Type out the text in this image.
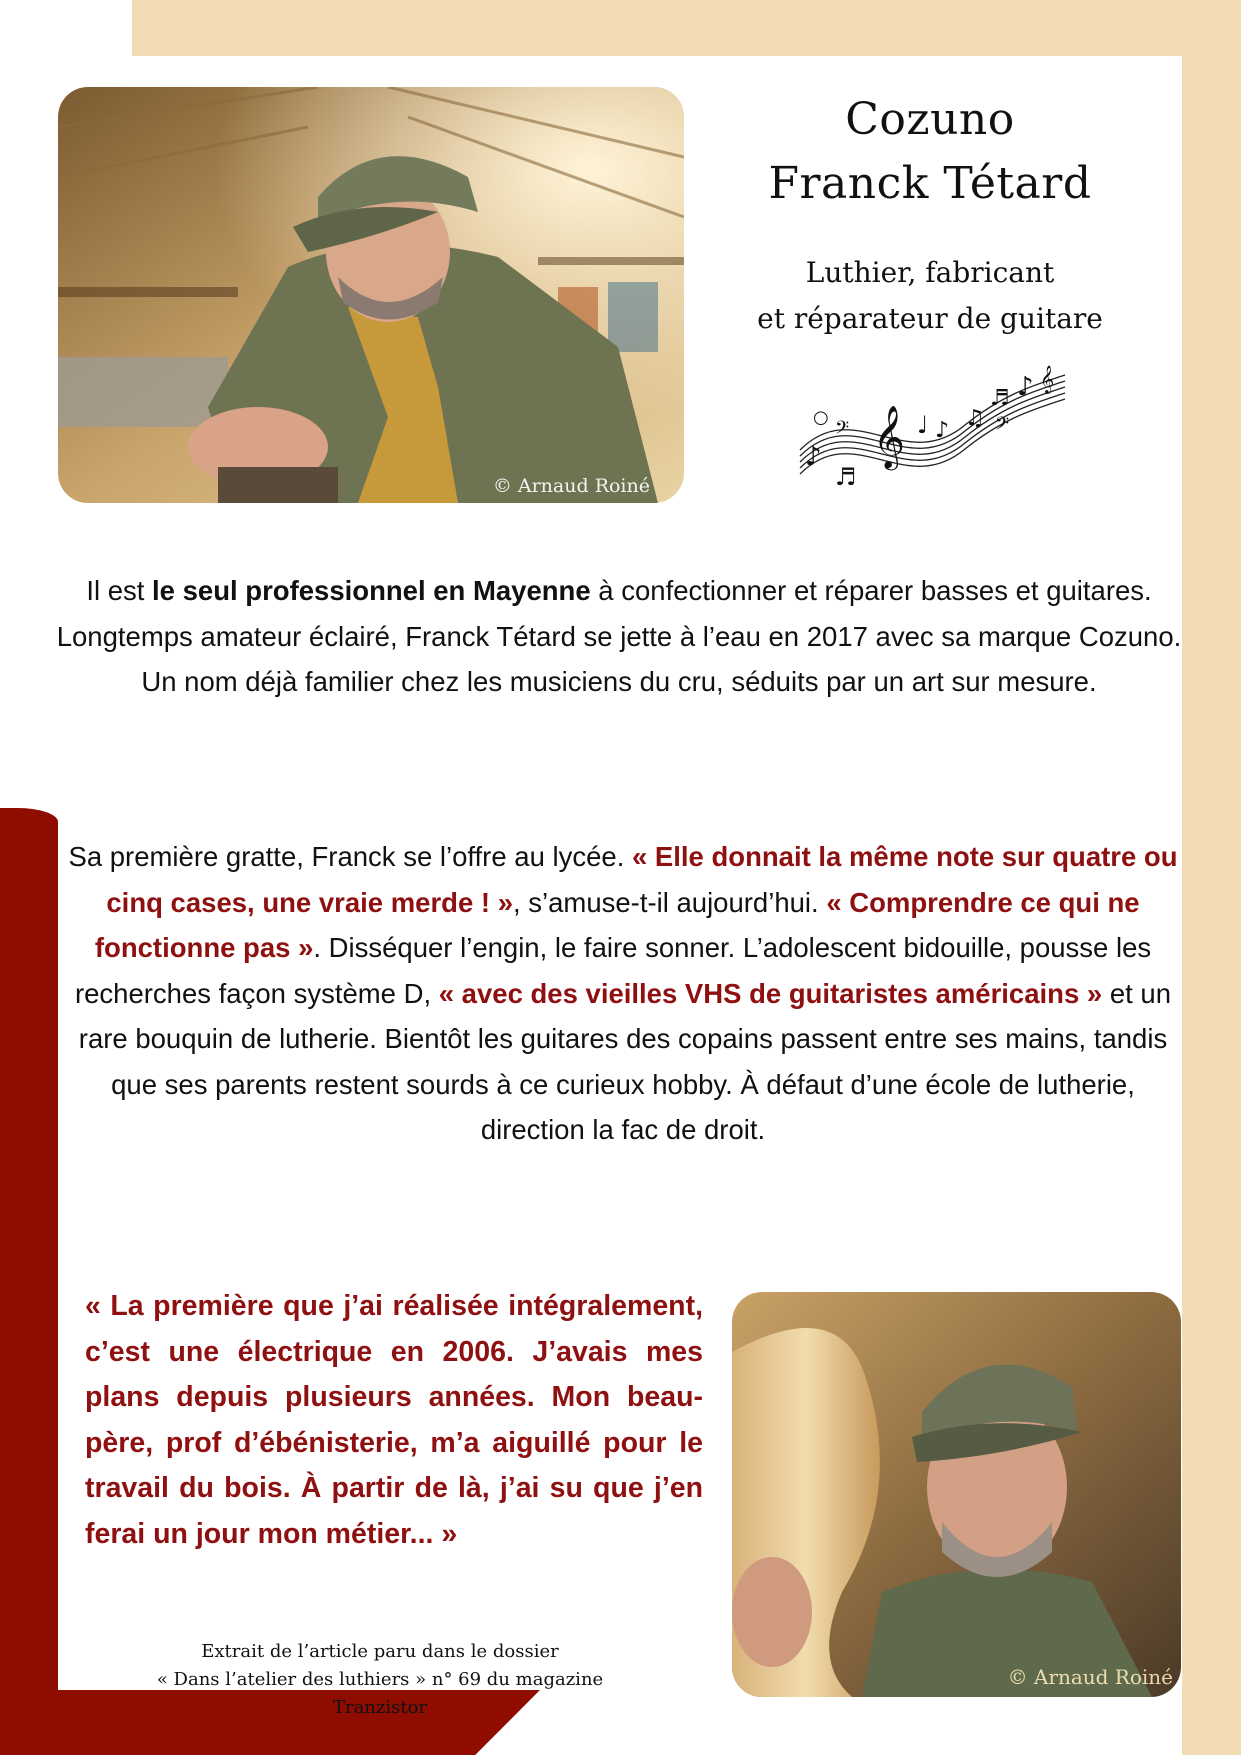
© Arnaud Roiné
Cozuno
Franck Tétard
Luthier, fabricant
et réparateur de guitare
𝄞
𝄢
♪
♬
♩ ♪ ♫
♬ ♪ 𝄞
𝄢
○
Il est le seul professionnel en Mayenne à confectionner et réparer basses et guitares. Longtemps amateur éclairé, Franck Tétard se jette à l’eau en 2017 avec sa marque Cozuno. Un nom déjà familier chez les musiciens du cru, séduits par un art sur mesure.
Sa première gratte, Franck se l’offre au lycée. « Elle donnait la même note sur quatre ou cinq cases, une vraie merde ! », s’amuse-t-il aujourd’hui. « Comprendre ce qui ne fonctionne pas ». Disséquer l’engin, le faire sonner. L’adolescent bidouille, pousse les recherches façon système D, « avec des vieilles VHS de guitaristes américains » et un rare bouquin de lutherie. Bientôt les guitares des copains passent entre ses mains, tandis que ses parents restent sourds à ce curieux hobby. À défaut d’une école de lutherie, direction la fac de droit.
« La première que j’ai réalisée intégralement, c’est une électrique en 2006. J’avais mes plans depuis plusieurs années. Mon beau-père, prof d’ébénisterie, m’a aiguillé pour le travail du bois. À partir de là, j’ai su que j’en ferai un jour mon métier... »
© Arnaud Roiné
Extrait de l’article paru dans le dossier
« Dans l’atelier des luthiers » n° 69 du magazine Tranzistor
